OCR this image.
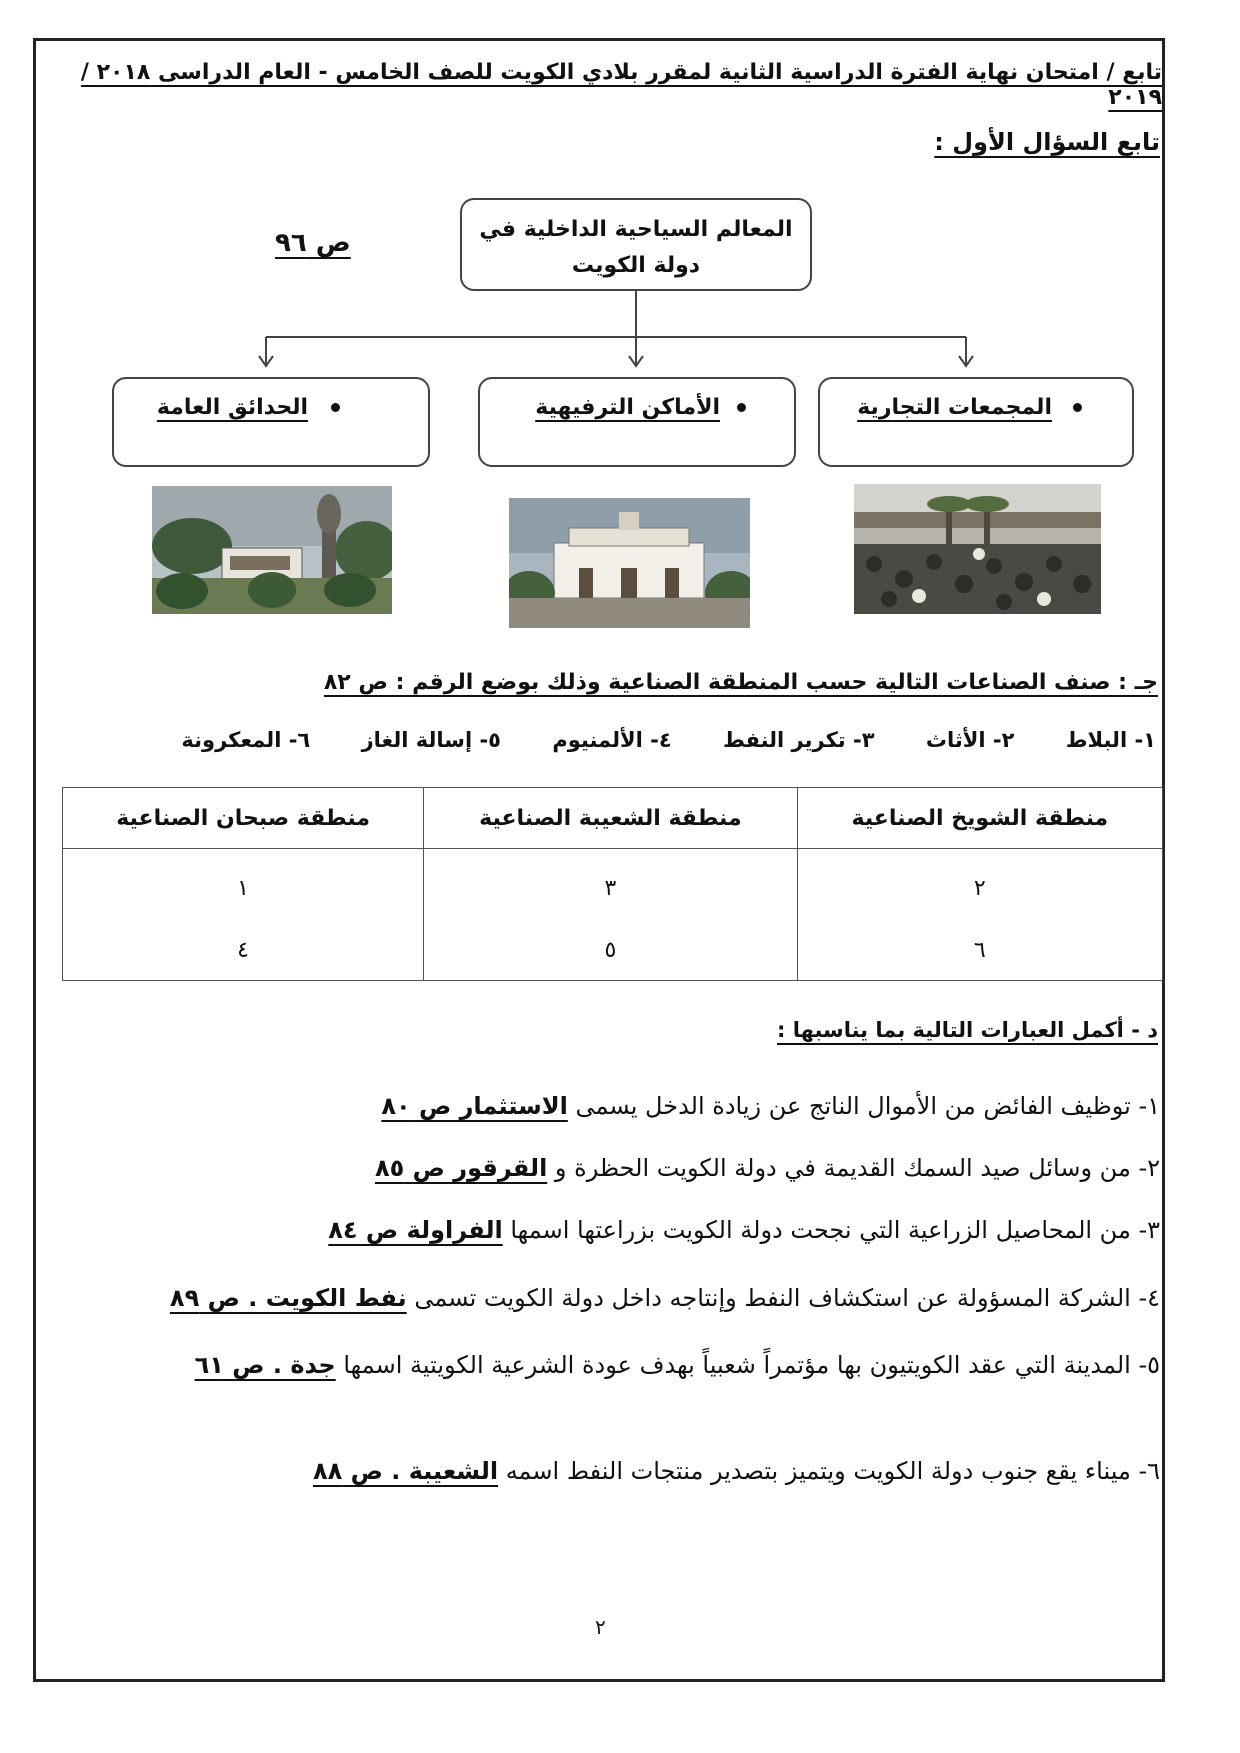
تابع / امتحان نهاية الفترة الدراسية الثانية لمقرر بلادي الكويت للصف الخامس - العام الدراسى ٢٠١٨ / ٢٠١٩
تابع السؤال الأول :
ص ٩٦	المعالم السياحية الداخلية في
دولة الكويت
المجمعات التجارية
الأماكن الترفيهية
الحدائق العامة
جـ : صنف الصناعات التالية حسب المنطقة الصناعية وذلك بوضع الرقم : ص ٨٢
١- البلاط ٢- الأثاث ٣- تكرير النفط ٤- الألمنيوم ٥- إسالة الغاز ٦- المعكرونة
منطقة الشويخ الصناعية	منطقة الشعيبة الصناعية	منطقة صبحان الصناعية
٢	٣	١
٦	٥	٤
د - أكمل العبارات التالية بما يناسبها :
١- توظيف الفائض من الأموال الناتج عن زيادة الدخل يسمى الاستثمار ص ٨٠
٢- من وسائل صيد السمك القديمة في دولة الكويت الحظرة و القرقور ص ٨٥
٣- من المحاصيل الزراعية التي نجحت دولة الكويت بزراعتها اسمها الفراولة ص ٨٤
٤- الشركة المسؤولة عن استكشاف النفط وإنتاجه داخل دولة الكويت تسمى نفط الكويت . ص ٨٩
٥- المدينة التي عقد الكويتيون بها مؤتمراً شعبياً بهدف عودة الشرعية الكويتية اسمها جدة . ص ٦١
٦- ميناء يقع جنوب دولة الكويت ويتميز بتصدير منتجات النفط اسمه الشعيبة . ص ٨٨
٢
